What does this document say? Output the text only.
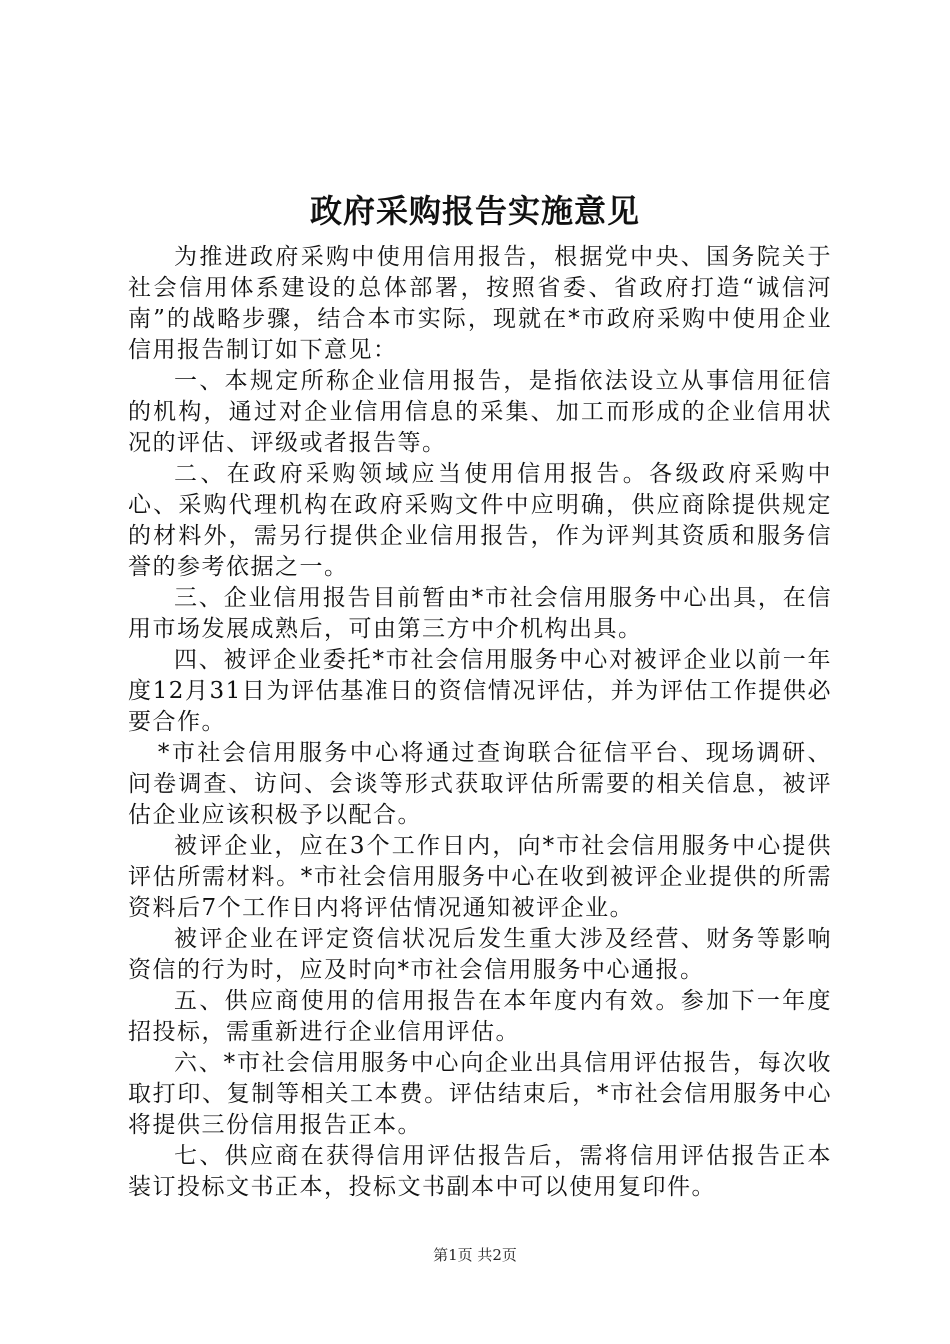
政府采购报告实施意见

为推进政府采购中使用信用报告，根据党中央、国务院关于社会信用体系建设的总体部署，按照省委、省政府打造“诚信河南”的战略步骤，结合本市实际，现就在*市政府采购中使用企业信用报告制订如下意见：

一、本规定所称企业信用报告，是指依法设立从事信用征信的机构，通过对企业信用信息的采集、加工而形成的企业信用状况的评估、评级或者报告等。

二、在政府采购领域应当使用信用报告。各级政府采购中心、采购代理机构在政府采购文件中应明确，供应商除提供规定的材料外，需另行提供企业信用报告，作为评判其资质和服务信誉的参考依据之一。

三、企业信用报告目前暂由*市社会信用服务中心出具，在信用市场发展成熟后，可由第三方中介机构出具。

四、被评企业委托*市社会信用服务中心对被评企业以前一年度12月31日为评估基准日的资信情况评估，并为评估工作提供必要合作。

*市社会信用服务中心将通过查询联合征信平台、现场调研、问卷调查、访问、会谈等形式获取评估所需要的相关信息，被评估企业应该积极予以配合。

被评企业，应在3个工作日内，向*市社会信用服务中心提供评估所需材料。*市社会信用服务中心在收到被评企业提供的所需资料后7个工作日内将评估情况通知被评企业。

被评企业在评定资信状况后发生重大涉及经营、财务等影响资信的行为时，应及时向*市社会信用服务中心通报。

五、供应商使用的信用报告在本年度内有效。参加下一年度招投标，需重新进行企业信用评估。

六、*市社会信用服务中心向企业出具信用评估报告，每次收取打印、复制等相关工本费。评估结束后，*市社会信用服务中心将提供三份信用报告正本。

七、供应商在获得信用评估报告后，需将信用评估报告正本装订投标文书正本，投标文书副本中可以使用复印件。

第1页 共2页
